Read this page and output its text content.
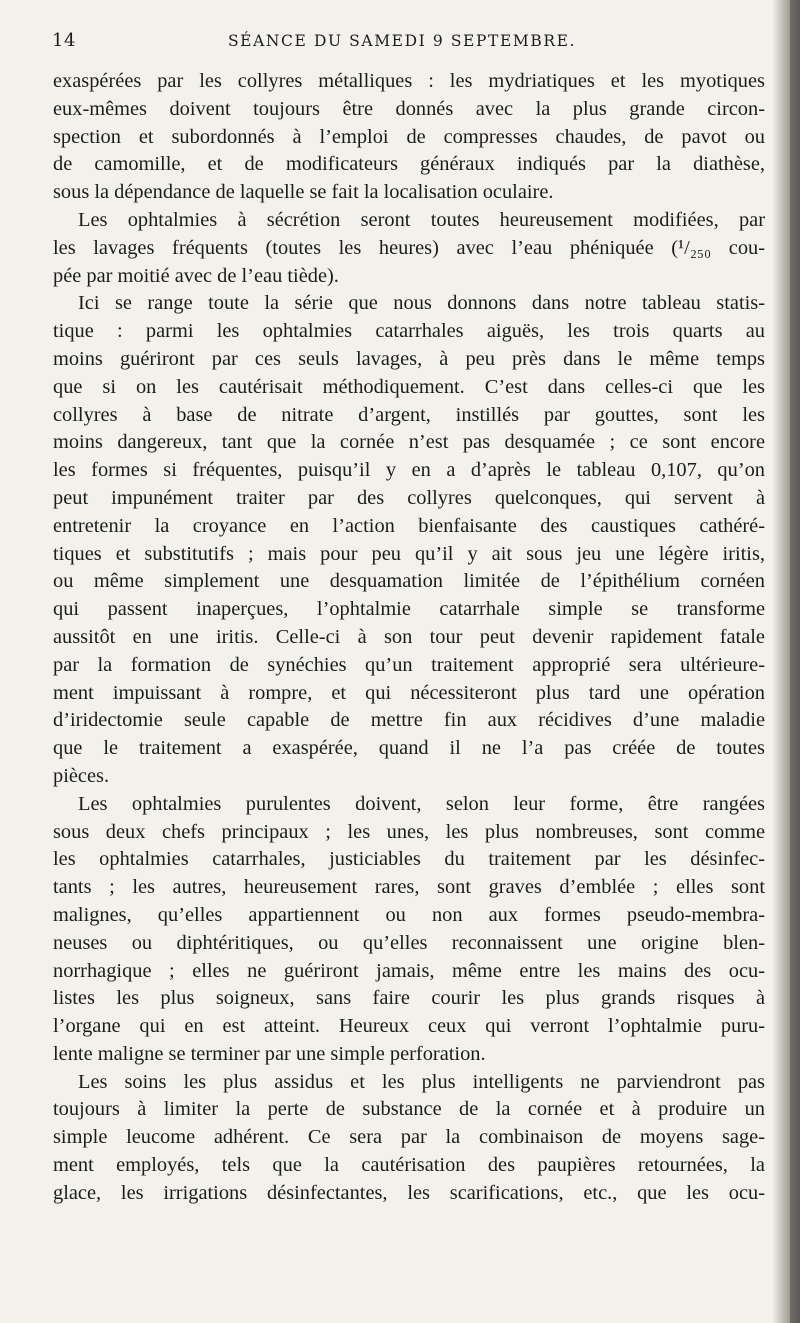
14	SÉANCE DU SAMEDI 9 SEPTEMBRE.
exaspérées par les collyres métalliques : les mydriatiques et les myotiques
eux-mêmes doivent toujours être donnés avec la plus grande circon-
spection et subordonnés à l’emploi de compresses chaudes, de pavot ou
de camomille, et de modificateurs généraux indiqués par la diathèse,
sous la dépendance de laquelle se fait la localisation oculaire.
Les ophtalmies à sécrétion seront toutes heureusement modifiées, par
les lavages fréquents (toutes les heures) avec l’eau phéniquée (¹/₂₅₀ cou-
pée par moitié avec de l’eau tiède).
Ici se range toute la série que nous donnons dans notre tableau statis-
tique : parmi les ophtalmies catarrhales aiguës, les trois quarts au
moins guériront par ces seuls lavages, à peu près dans le même temps
que si on les cautérisait méthodiquement. C’est dans celles-ci que les
collyres à base de nitrate d’argent, instillés par gouttes, sont les
moins dangereux, tant que la cornée n’est pas desquamée ; ce sont encore
les formes si fréquentes, puisqu’il y en a d’après le tableau 0,107, qu’on
peut impunément traiter par des collyres quelconques, qui servent à
entretenir la croyance en l’action bienfaisante des caustiques cathéré-
tiques et substitutifs ; mais pour peu qu’il y ait sous jeu une légère iritis,
ou même simplement une desquamation limitée de l’épithélium cornéen
qui passent inaperçues, l’ophtalmie catarrhale simple se transforme
aussitôt en une iritis. Celle-ci à son tour peut devenir rapidement fatale
par la formation de synéchies qu’un traitement approprié sera ultérieure-
ment impuissant à rompre, et qui nécessiteront plus tard une opération
d’iridectomie seule capable de mettre fin aux récidives d’une maladie
que le traitement a exaspérée, quand il ne l’a pas créée de toutes
pièces.
Les ophtalmies purulentes doivent, selon leur forme, être rangées
sous deux chefs principaux ; les unes, les plus nombreuses, sont comme
les ophtalmies catarrhales, justiciables du traitement par les désinfec-
tants ; les autres, heureusement rares, sont graves d’emblée ; elles sont
malignes, qu’elles appartiennent ou non aux formes pseudo-membra-
neuses ou diphtéritiques, ou qu’elles reconnaissent une origine blen-
norrhagique ; elles ne guériront jamais, même entre les mains des ocu-
listes les plus soigneux, sans faire courir les plus grands risques à
l’organe qui en est atteint. Heureux ceux qui verront l’ophtalmie puru-
lente maligne se terminer par une simple perforation.
Les soins les plus assidus et les plus intelligents ne parviendront pas
toujours à limiter la perte de substance de la cornée et à produire un
simple leucome adhérent. Ce sera par la combinaison de moyens sage-
ment employés, tels que la cautérisation des paupières retournées, la
glace, les irrigations désinfectantes, les scarifications, etc., que les ocu-
